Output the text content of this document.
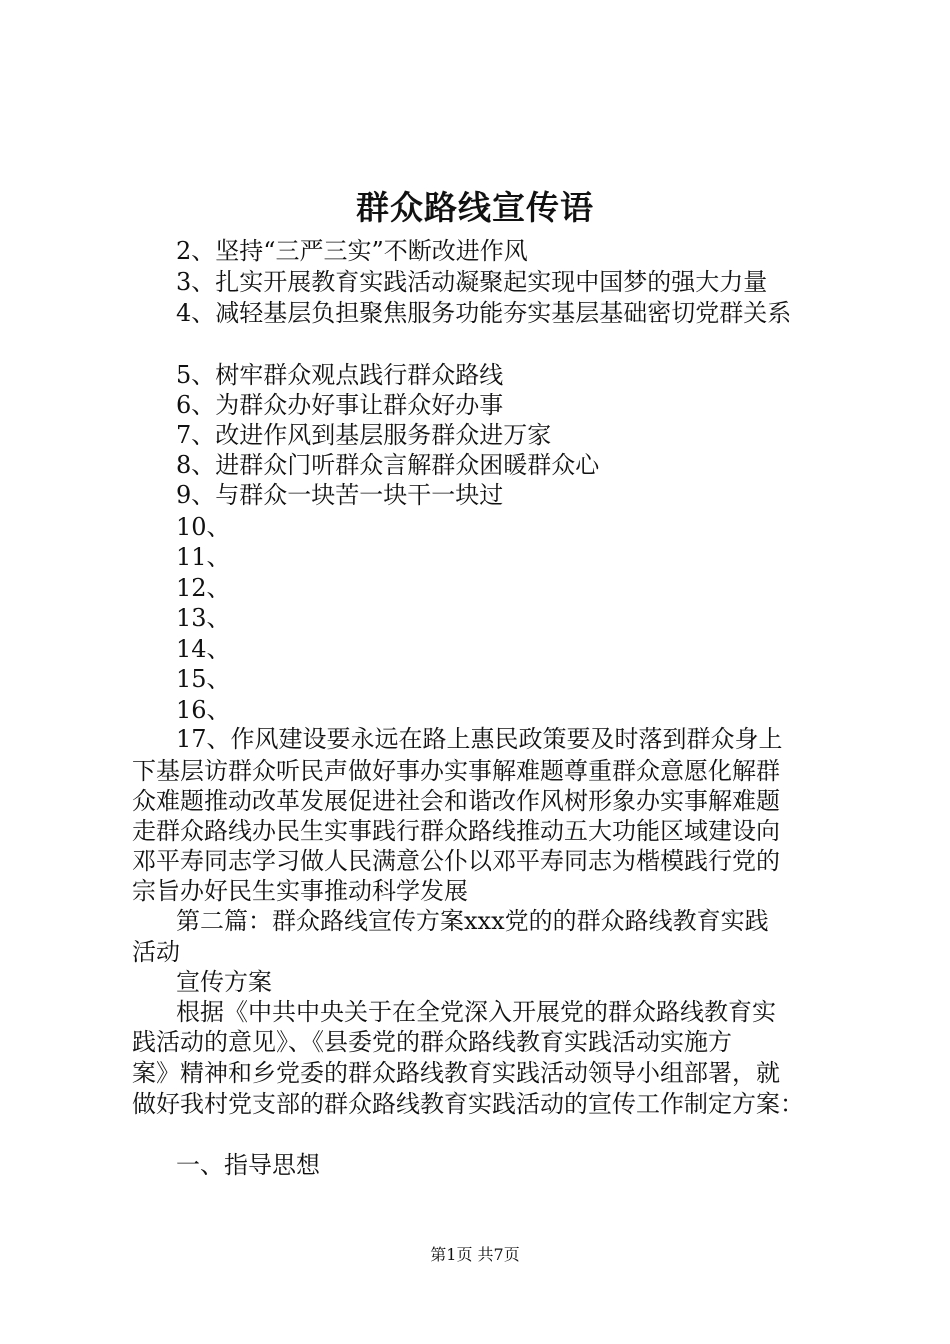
群众路线宣传语
2、坚持“三严三实”不断改进作风
3、扎实开展教育实践活动凝聚起实现中国梦的强大力量
4、减轻基层负担聚焦服务功能夯实基层基础密切党群关系
5、树牢群众观点践行群众路线
6、为群众办好事让群众好办事
7、改进作风到基层服务群众进万家
8、进群众门听群众言解群众困暖群众心
9、与群众一块苦一块干一块过
10、
11、
12、
13、
14、
15、
16、
17、作风建设要永远在路上惠民政策要及时落到群众身上
下基层访群众听民声做好事办实事解难题尊重群众意愿化解群
众难题推动改革发展促进社会和谐改作风树形象办实事解难题
走群众路线办民生实事践行群众路线推动五大功能区域建设向
邓平寿同志学习做人民满意公仆以邓平寿同志为楷模践行党的
宗旨办好民生实事推动科学发展
第二篇：群众路线宣传方案xxx党的的群众路线教育实践
活动
宣传方案
根据《中共中央关于在全党深入开展党的群众路线教育实
践活动的意见》、《县委党的群众路线教育实践活动实施方
案》精神和乡党委的群众路线教育实践活动领导小组部署，就
做好我村党支部的群众路线教育实践活动的宣传工作制定方案：
一、指导思想
第1页 共7页
